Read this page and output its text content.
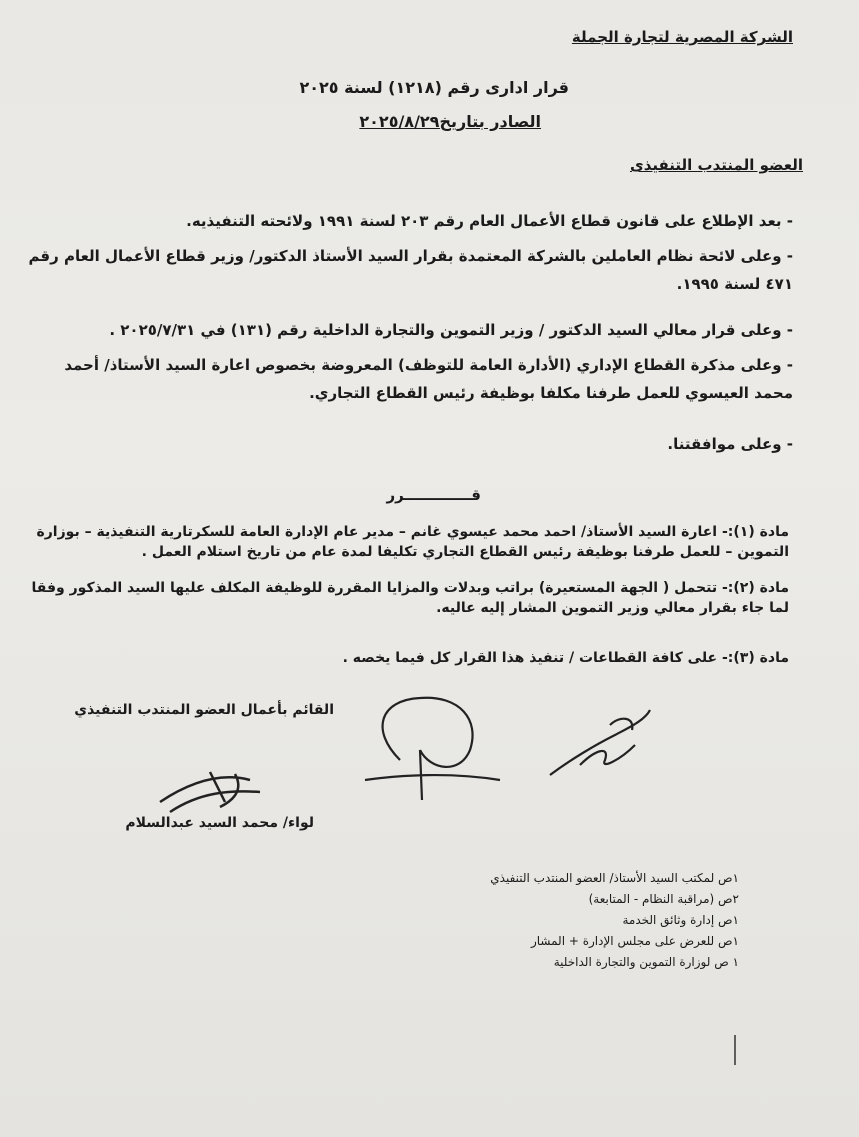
الشركة المصرية لتجارة الجملة
قرار ادارى رقم (١٢١٨) لسنة ٢٠٢٥
الصادر بتاريخ٢٠٢٥/٨/٢٩
العضو المنتدب التنفيذى
- بعد الإطلاع على قانون قطاع الأعمال العام رقم ٢٠٣ لسنة ١٩٩١ ولائحته التنفيذيه.
- وعلى لائحة نظام العاملين بالشركة المعتمدة بقرار السيد الأستاذ الدكتور/ وزير قطاع الأعمال العام رقم ٤٧١ لسنة ١٩٩٥.
- وعلى قرار معالي السيد الدكتور / وزير التموين والتجارة الداخلية رقم (١٣١) في ٢٠٢٥/٧/٣١ .
- وعلى مذكرة القطاع الإداري (الأدارة العامة للتوظف) المعروضة بخصوص اعارة السيد الأستاذ/ أحمد محمد العيسوي للعمل طرفنا مكلفا بوظيفة رئيس القطاع التجاري.
- وعلى موافقتنا.
قـــــــــــــرر
مادة (١):- اعارة السيد الأستاذ/ احمد محمد عيسوي غانم – مدير عام الإدارة العامة للسكرتارية التنفيذية – بوزارة التموين – للعمل طرفنا بوظيفة رئيس القطاع التجاري تكليفا لمدة عام من تاريخ استلام العمل .
مادة (٢):- تتحمل ( الجهة المستعيرة) براتب وبدلات والمزايا المقررة للوظيفة المكلف عليها السيد المذكور وفقا لما جاء بقرار معالي وزير التموين المشار إليه عاليه.
مادة (٣):- على كافة القطاعات / تنفيذ هذا القرار كل فيما يخصه .
القائم بأعمال العضو المنتدب التنفيذي
لواء/ محمد السيد عبدالسلام
١ص لمكتب السيد الأستاذ/ العضو المنتدب التنفيذي
٢ص (مراقبة النظام - المتابعة)
١ص إدارة وثائق الخدمة
١ص للعرض على مجلس الإدارة + المشار
١ ص لوزارة التموين والتجارة الداخلية
